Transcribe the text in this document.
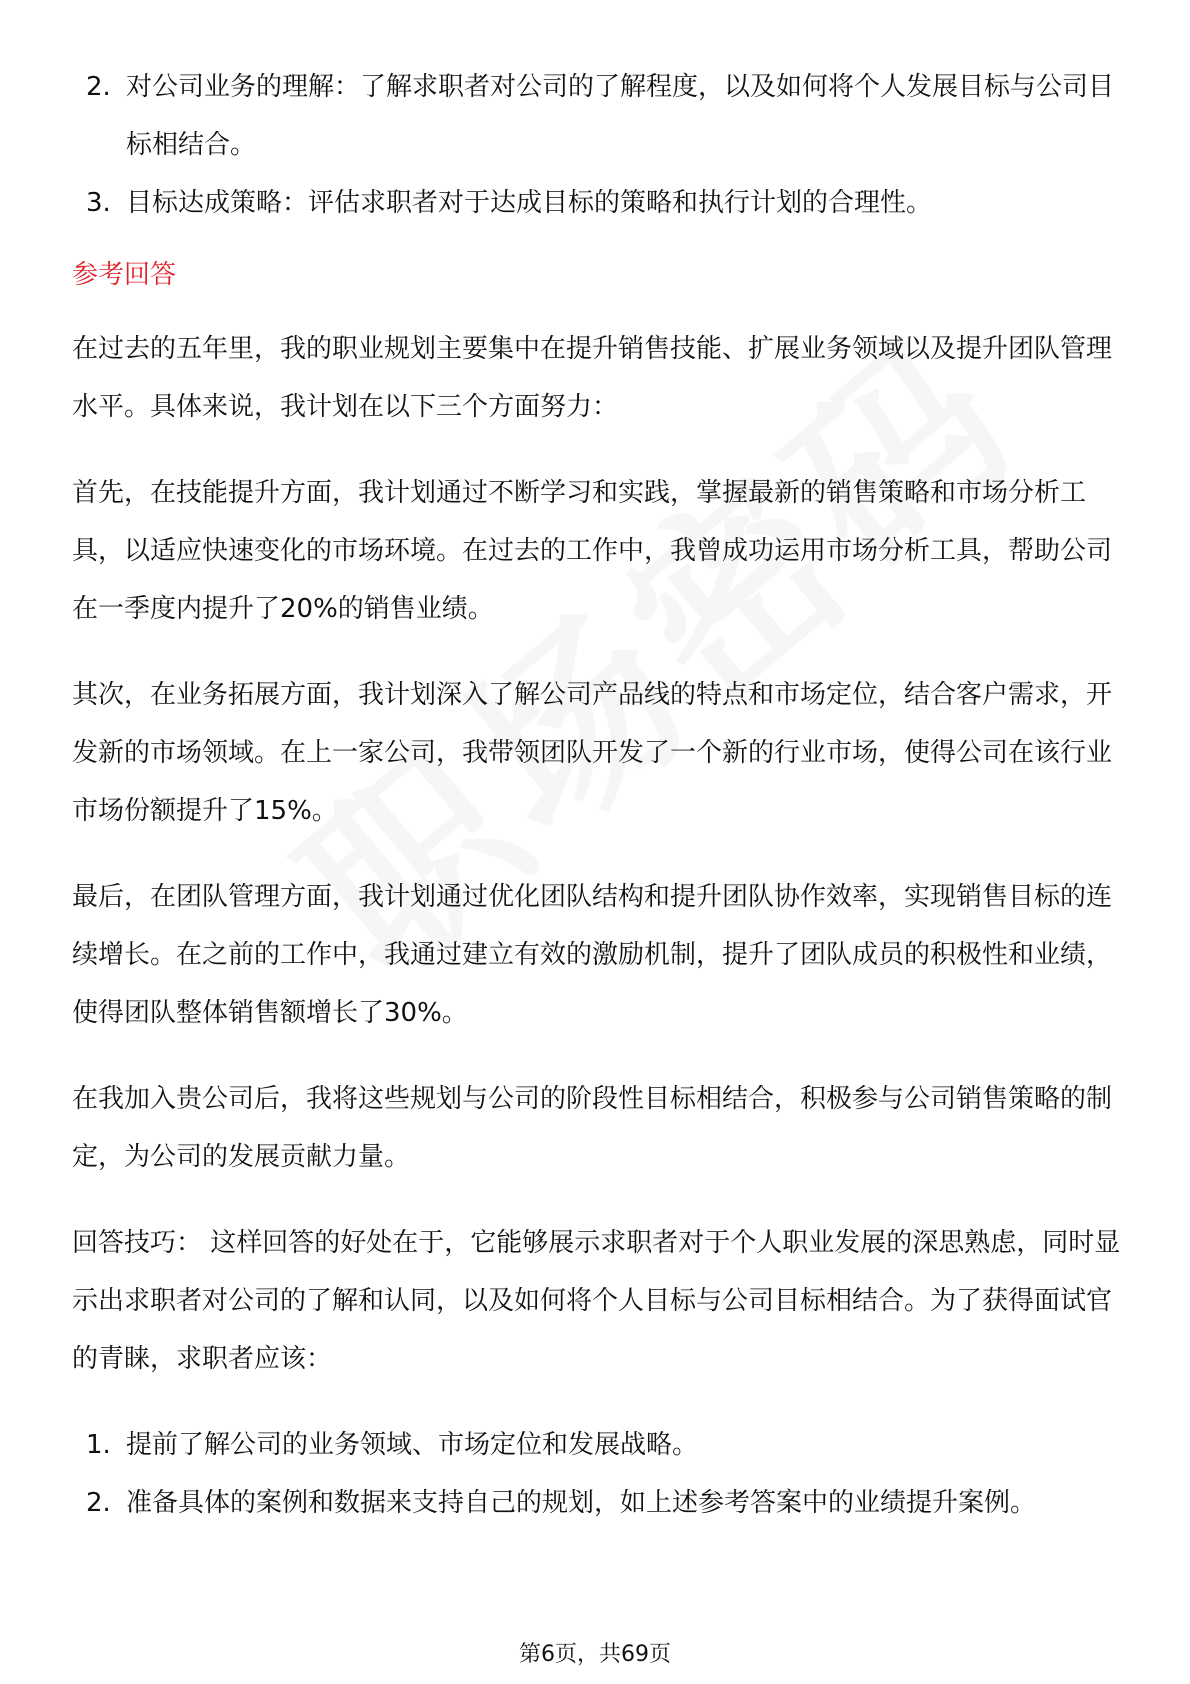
2. 对公司业务的理解：了解求职者对公司的了解程度，以及如何将个人发展目标与公司目标相结合。
3. 目标达成策略：评估求职者对于达成目标的策略和执行计划的合理性。
参考回答

在过去的五年里，我的职业规划主要集中在提升销售技能、扩展业务领域以及提升团队管理水平。具体来说，我计划在以下三个方面努力：

首先，在技能提升方面，我计划通过不断学习和实践，掌握最新的销售策略和市场分析工具，以适应快速变化的市场环境。在过去的工作中，我曾成功运用市场分析工具，帮助公司在一季度内提升了20%的销售业绩。

其次，在业务拓展方面，我计划深入了解公司产品线的特点和市场定位，结合客户需求，开发新的市场领域。在上一家公司，我带领团队开发了一个新的行业市场，使得公司在该行业市场份额提升了15%。

最后，在团队管理方面，我计划通过优化团队结构和提升团队协作效率，实现销售目标的连续增长。在之前的工作中，我通过建立有效的激励机制，提升了团队成员的积极性和业绩，使得团队整体销售额增长了30%。

在我加入贵公司后，我将这些规划与公司的阶段性目标相结合，积极参与公司销售策略的制定，为公司的发展贡献力量。

回答技巧： 这样回答的好处在于，它能够展示求职者对于个人职业发展的深思熟虑，同时显示出求职者对公司的了解和认同，以及如何将个人目标与公司目标相结合。为了获得面试官的青睐，求职者应该：

1. 提前了解公司的业务领域、市场定位和发展战略。
2. 准备具体的案例和数据来支持自己的规划，如上述参考答案中的业绩提升案例。
第6页，共69页
